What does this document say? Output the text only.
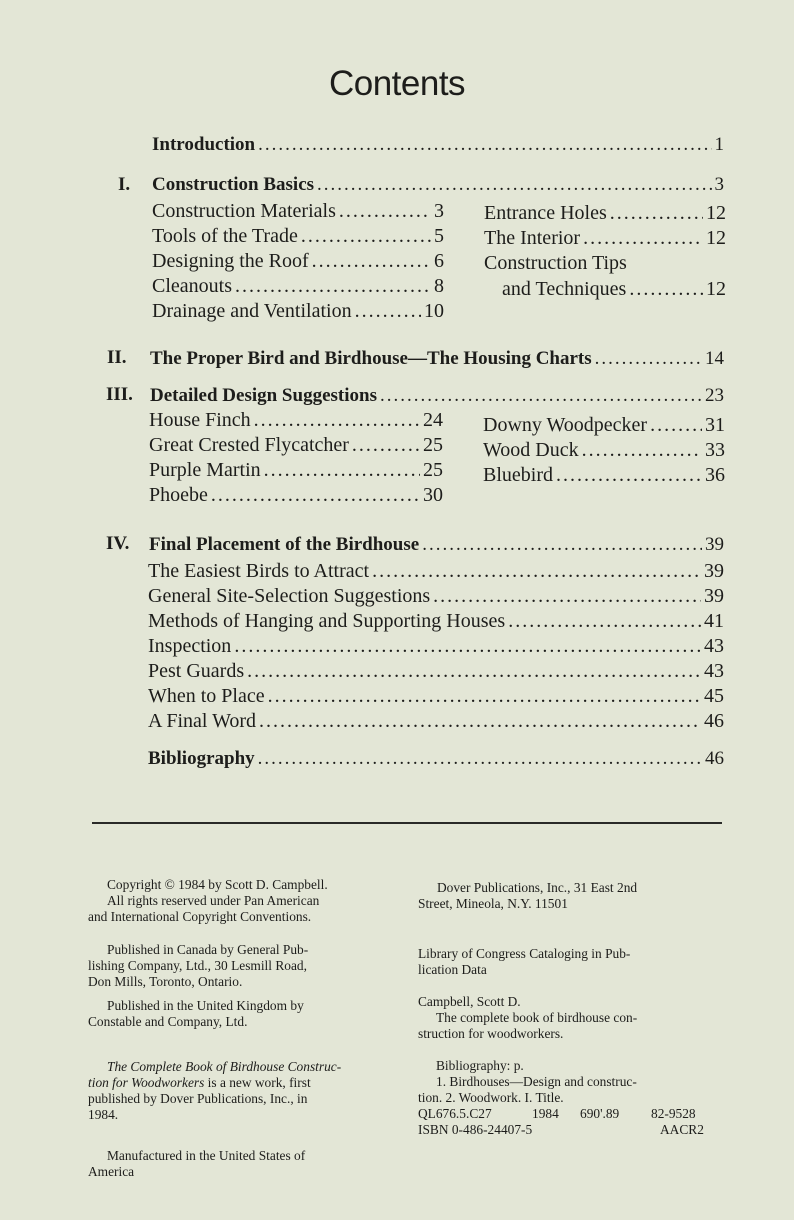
Contents
Introduction .....	1
I. Construction Basics .....	3
Construction Materials .....	3
Tools of the Trade .....	5
Designing the Roof .....	6
Cleanouts .....	8
Drainage and Ventilation .....	10
Entrance Holes .....	12
The Interior .....	12
Construction Tips
and Techniques .....	12
II. The Proper Bird and Birdhouse—The Housing Charts .....	14
III. Detailed Design Suggestions .....	23
House Finch .....	24
Great Crested Flycatcher .....	25
Purple Martin .....	25
Phoebe .....	30
Downy Woodpecker .....	31
Wood Duck .....	33
Bluebird .....	36
IV. Final Placement of the Birdhouse .....	39
The Easiest Birds to Attract .....	39
General Site-Selection Suggestions .....	39
Methods of Hanging and Supporting Houses .....	41
Inspection .....	43
Pest Guards .....	43
When to Place .....	45
A Final Word .....	46
Bibliography .....	46
Copyright © 1984 by Scott D. Campbell.
All rights reserved under Pan American
and International Copyright Conventions.
Published in Canada by General Pub-
lishing Company, Ltd., 30 Lesmill Road,
Don Mills, Toronto, Ontario.
Published in the United Kingdom by
Constable and Company, Ltd.
The Complete Book of Birdhouse Construc-
tion for Woodworkers is a new work, first
published by Dover Publications, Inc., in
1984.
Manufactured in the United States of
America
Dover Publications, Inc., 31 East 2nd
Street, Mineola, N.Y. 11501
Library of Congress Cataloging in Pub-
lication Data
Campbell, Scott D.
The complete book of birdhouse con-
struction for woodworkers.
Bibliography: p.
1. Birdhouses—Design and construc-
tion. 2. Woodwork. I. Title.
QL676.5.C27	1984 690'.89 82-9528
ISBN 0-486-24407-5	AACR2
